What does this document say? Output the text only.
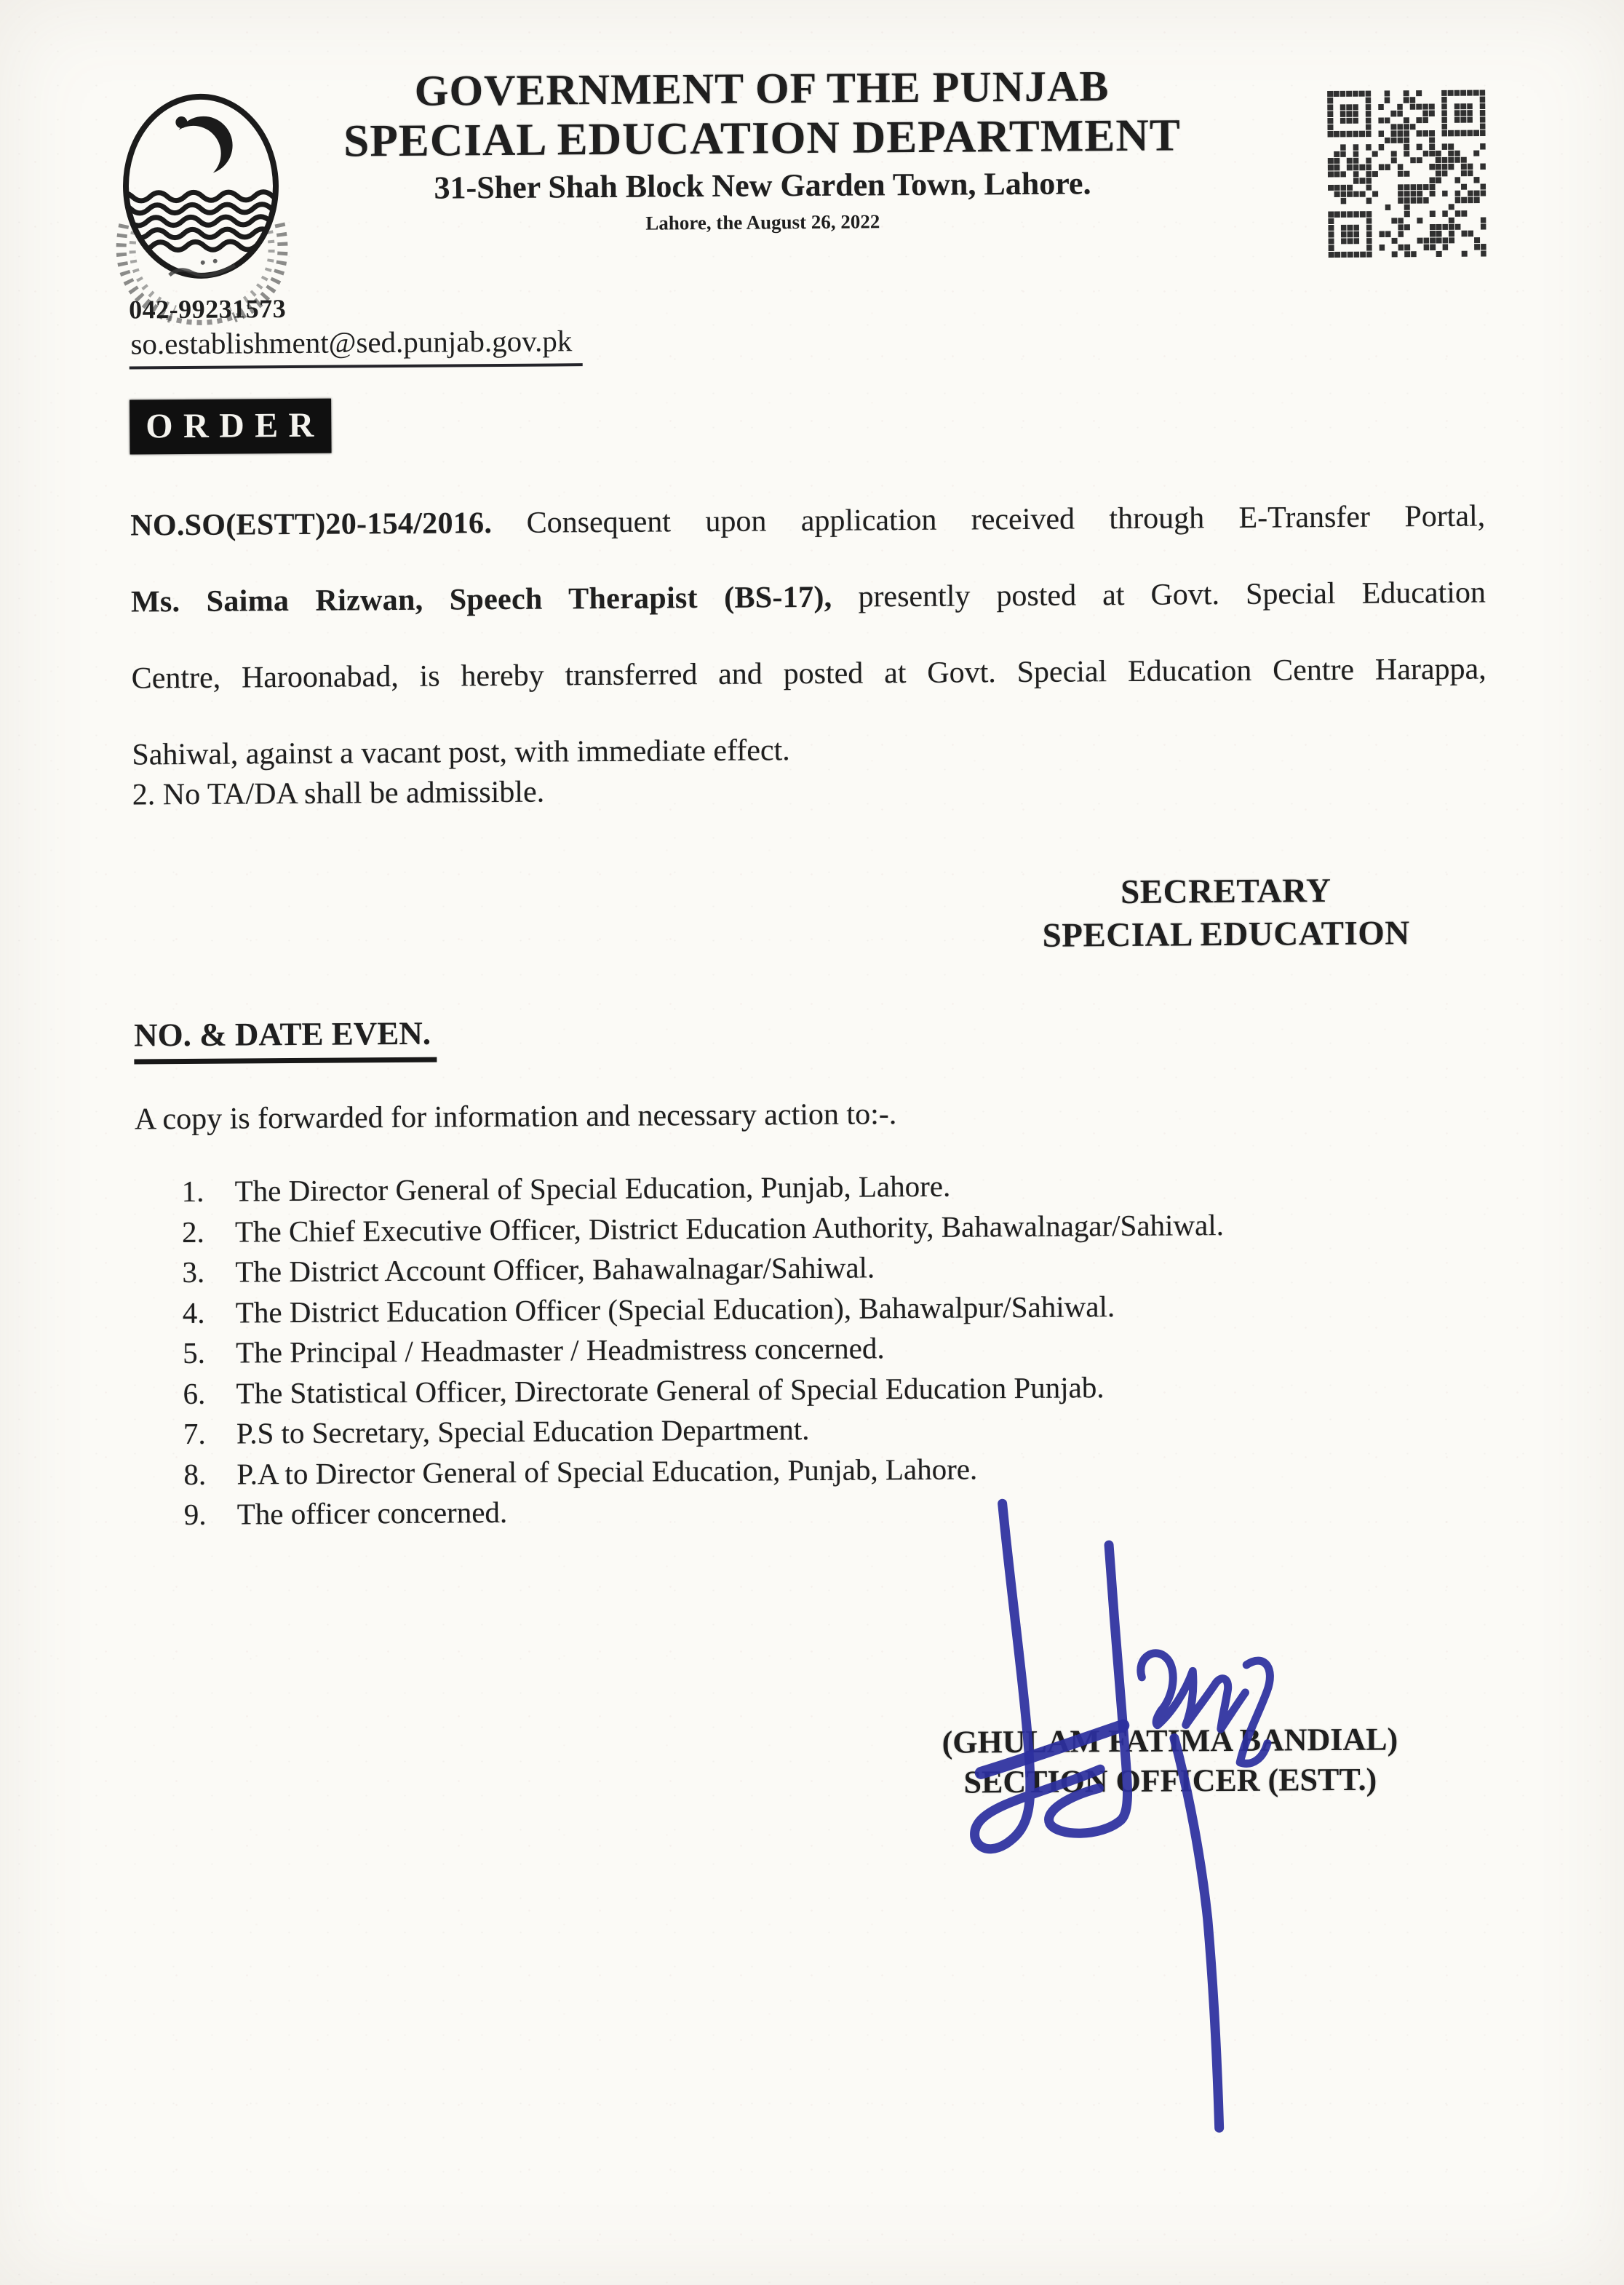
GOVERNMENT OF THE PUNJAB
SPECIAL EDUCATION DEPARTMENT
31-Sher Shah Block New Garden Town, Lahore.
Lahore, the August 26, 2022
042-99231573
so.establishment@sed.punjab.gov.pk
ORDER
NO.SO(ESTT)20-154/2016. Consequent upon application received through E-Transfer Portal,
Ms. Saima Rizwan, Speech Therapist (BS-17), presently posted at Govt. Special Education
Centre, Haroonabad, is hereby transferred and posted at Govt. Special Education Centre Harappa,
Sahiwal, against a vacant post, with immediate effect.
2. No TA/DA shall be admissible.
SECRETARY
SPECIAL EDUCATION
NO. & DATE EVEN.
A copy is forwarded for information and necessary action to:-.
The Director General of Special Education, Punjab, Lahore.
The Chief Executive Officer, District Education Authority, Bahawalnagar/Sahiwal.
The District Account Officer, Bahawalnagar/Sahiwal.
The District Education Officer (Special Education), Bahawalpur/Sahiwal.
The Principal / Headmaster / Headmistress concerned.
The Statistical Officer, Directorate General of Special Education Punjab.
P.S to Secretary, Special Education Department.
P.A to Director General of Special Education, Punjab, Lahore.
The officer concerned.
(GHULAM FATIMA BANDIAL)
SECTION OFFICER (ESTT.)
